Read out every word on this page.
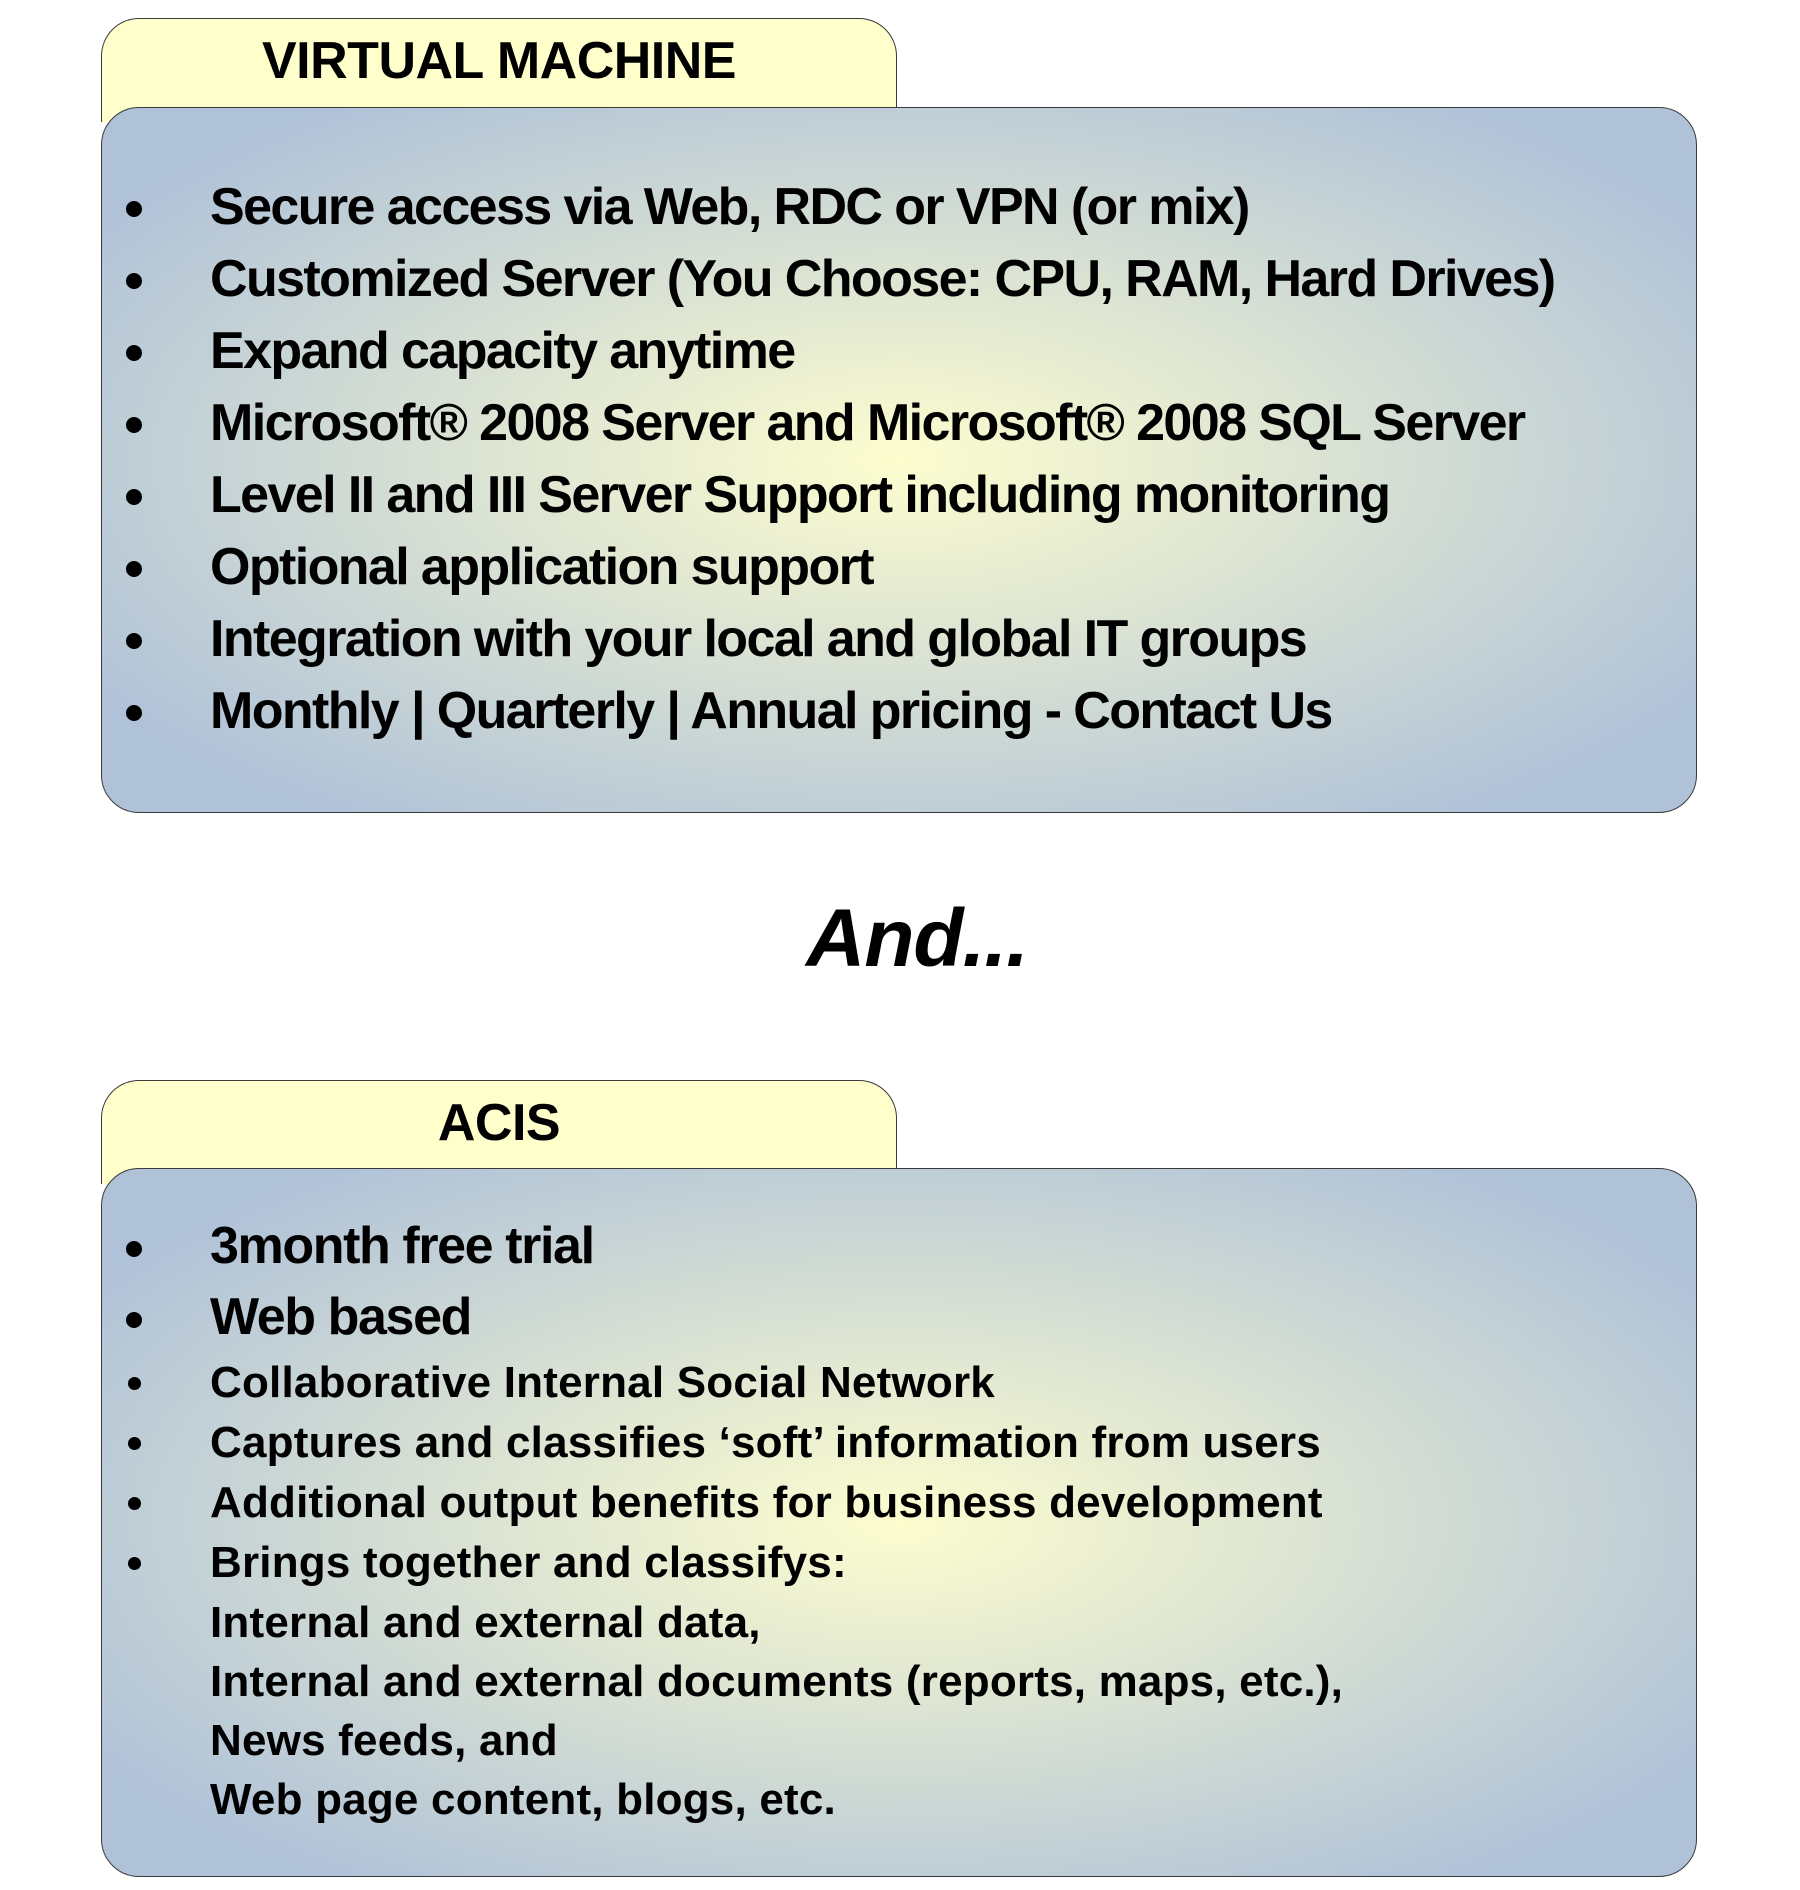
VIRTUAL MACHINE
Secure access via Web, RDC or VPN (or mix)
Customized Server (You Choose: CPU, RAM, Hard Drives)
Expand capacity anytime
Microsoft® 2008 Server and Microsoft® 2008 SQL Server
Level II and III Server Support including monitoring
Optional application support
Integration with your local and global IT groups
Monthly | Quarterly | Annual pricing - Contact Us
And...
ACIS
3month free trial
Web based
Collaborative Internal Social Network
Captures and classifies ‘soft’ information from users
Additional output benefits for business development
Brings together and classifys:
Internal and external data,
Internal and external documents (reports, maps, etc.),
News feeds, and
Web page content, blogs, etc.
